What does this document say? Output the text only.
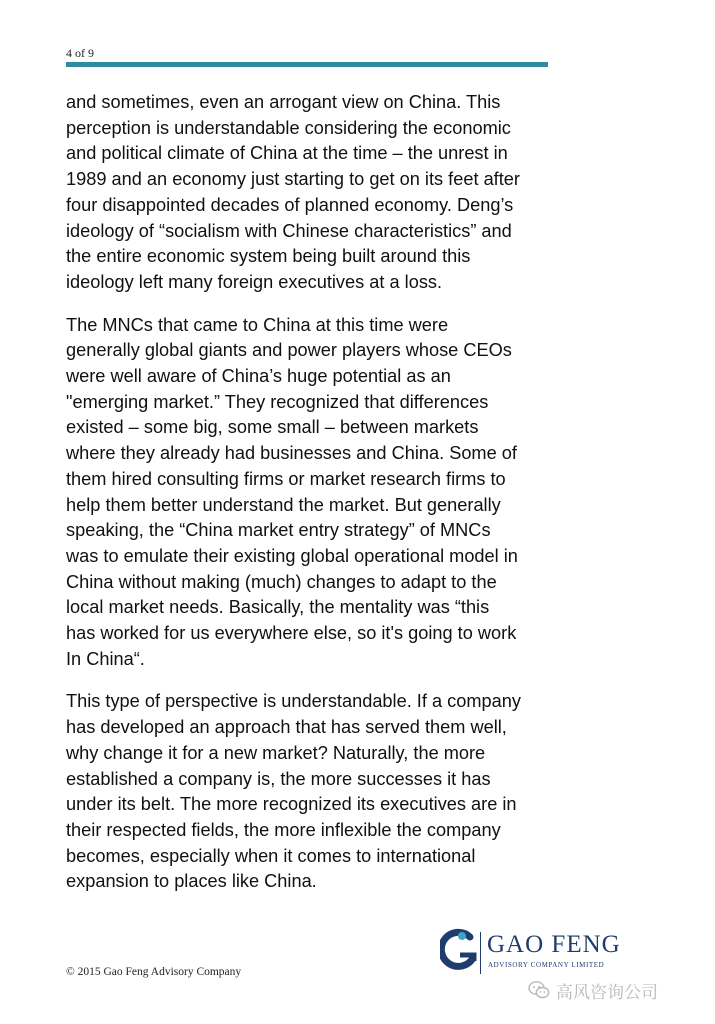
4 of 9

and sometimes, even an arrogant view on China. This
perception is understandable considering the economic
and political climate of China at the time – the unrest in
1989 and an economy just starting to get on its feet after
four disappointed decades of planned economy. Deng’s
ideology of “socialism with Chinese characteristics” and
the entire economic system being built around this
ideology left many foreign executives at a loss.

The MNCs that came to China at this time were
generally global giants and power players whose CEOs
were well aware of China’s huge potential as an
"emerging market.” They recognized that differences
existed – some big, some small – between markets
where they already had businesses and China. Some of
them hired consulting firms or market research firms to
help them better understand the market. But generally
speaking, the “China market entry strategy” of MNCs
was to emulate their existing global operational model in
China without making (much) changes to adapt to the
local market needs. Basically, the mentality was “this
has worked for us everywhere else, so it's going to work
In China“.

This type of perspective is understandable. If a company
has developed an approach that has served them well,
why change it for a new market? Naturally, the more
established a company is, the more successes it has
under its belt. The more recognized its executives are in
their respected fields, the more inflexible the company
becomes, especially when it comes to international
expansion to places like China.

© 2015 Gao Feng Advisory Company
GAO FENG
ADVISORY COMPANY LIMITED
高风咨询公司
